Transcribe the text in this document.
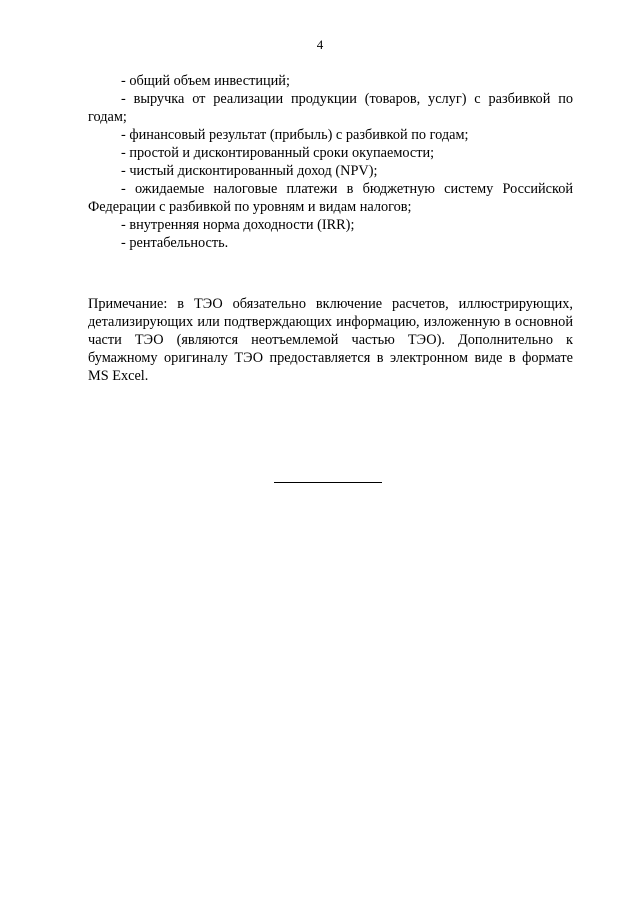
4

- общий объем инвестиций;

- выручка от реализации продукции (товаров, услуг) с разбивкой по годам;

- финансовый результат (прибыль) с разбивкой по годам;

- простой и дисконтированный сроки окупаемости;

- чистый дисконтированный доход (NPV);

- ожидаемые налоговые платежи в бюджетную систему Российской Федерации с разбивкой по уровням и видам налогов;

- внутренняя норма доходности (IRR);

- рентабельность.

Примечание: в ТЭО обязательно включение расчетов, иллюстрирующих, детализирующих или подтверждающих информацию, изложенную в основной части ТЭО (являются неотъемлемой частью ТЭО). Дополнительно к бумажному оригиналу ТЭО предоставляется в электронном виде в формате MS Excel.
